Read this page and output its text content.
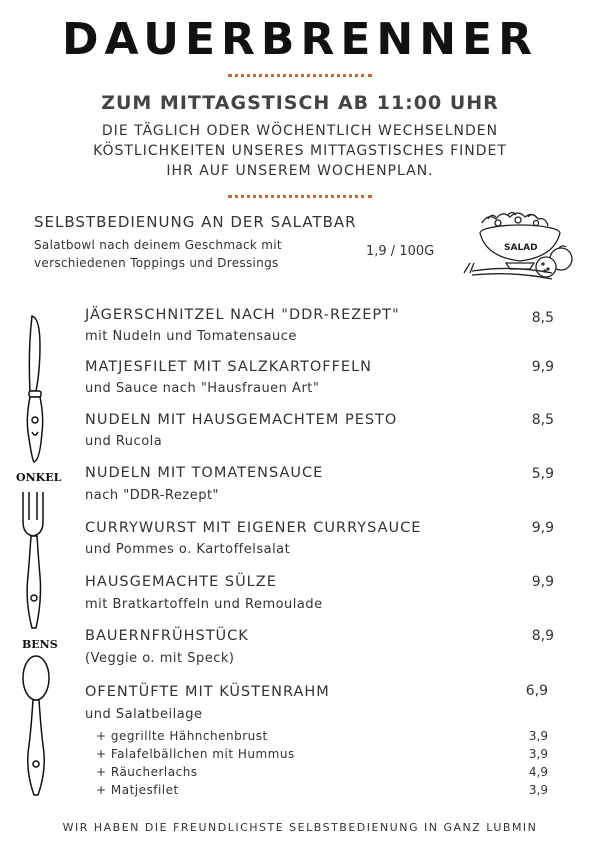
DAUERBRENNER
ZUM MITTAGSTISCH AB 11:00 UHR
DIE TÄGLICH ODER WÖCHENTLICH WECHSELNDEN
KÖSTLICHKEITEN UNSERES MITTAGSTISCHES FINDET
IHR AUF UNSEREM WOCHENPLAN.
SELBSTBEDIENUNG AN DER SALATBAR
Salatbowl nach deinem Geschmack mit
verschiedenen Toppings und Dressings
1,9 / 100G	SALAD
ONKEL
BENS
JÄGERSCHNITZEL NACH "DDR-REZEPT"
mit Nudeln und Tomatensauce
8,5
MATJESFILET MIT SALZKARTOFFELN
und Sauce nach "Hausfrauen Art"
9,9
NUDELN MIT HAUSGEMACHTEM PESTO
und Rucola
8,5
NUDELN MIT TOMATENSAUCE
nach "DDR-Rezept"
5,9
CURRYWURST MIT EIGENER CURRYSAUCE
und Pommes o. Kartoffelsalat
9,9
HAUSGEMACHTE SÜLZE
mit Bratkartoffeln und Remoulade
9,9
BAUERNFRÜHSTÜCK
(Veggie o. mit Speck)
8,9
OFENTÜFTE MIT KÜSTENRAHM
und Salatbeilage
6,9
+ gegrillte Hähnchenbrust	3,9
+ Falafelbällchen mit Hummus	3,9
+ Räucherlachs	4,9
+ Matjesfilet	3,9
WIR HABEN DIE FREUNDLICHSTE SELBSTBEDIENUNG IN GANZ LUBMIN
